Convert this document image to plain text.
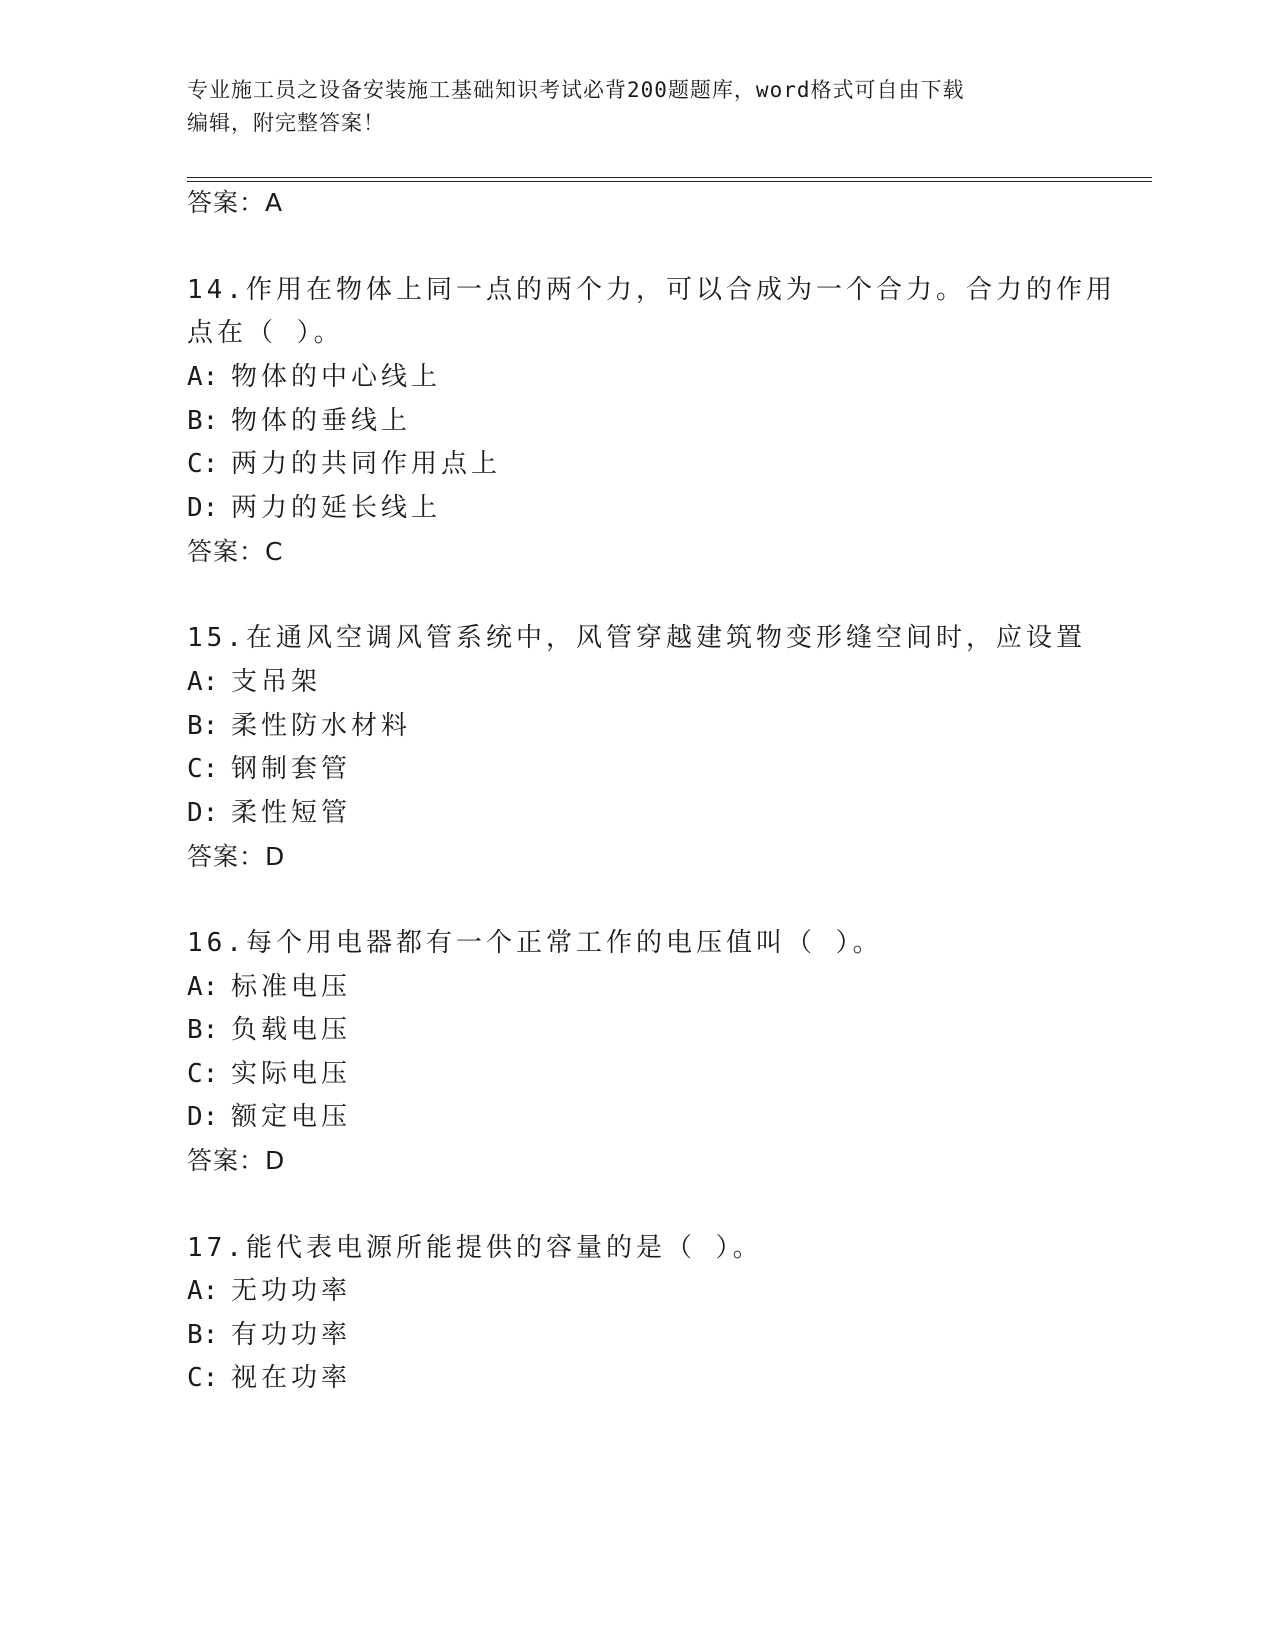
专业施工员之设备安装施工基础知识考试必背200题题库，word格式可自由下载
编辑，附完整答案！
答案：A
14.作用在物体上同一点的两个力，可以合成为一个合力。合力的作用
点在（ ）。
A: 物体的中心线上
B: 物体的垂线上
C: 两力的共同作用点上
D: 两力的延长线上
答案：C
15.在通风空调风管系统中，风管穿越建筑物变形缝空间时，应设置
A: 支吊架
B: 柔性防水材料
C: 钢制套管
D: 柔性短管
答案：D
16.每个用电器都有一个正常工作的电压值叫（ ）。
A: 标准电压
B: 负载电压
C: 实际电压
D: 额定电压
答案：D
17.能代表电源所能提供的容量的是（ ）。
A: 无功功率
B: 有功功率
C: 视在功率
